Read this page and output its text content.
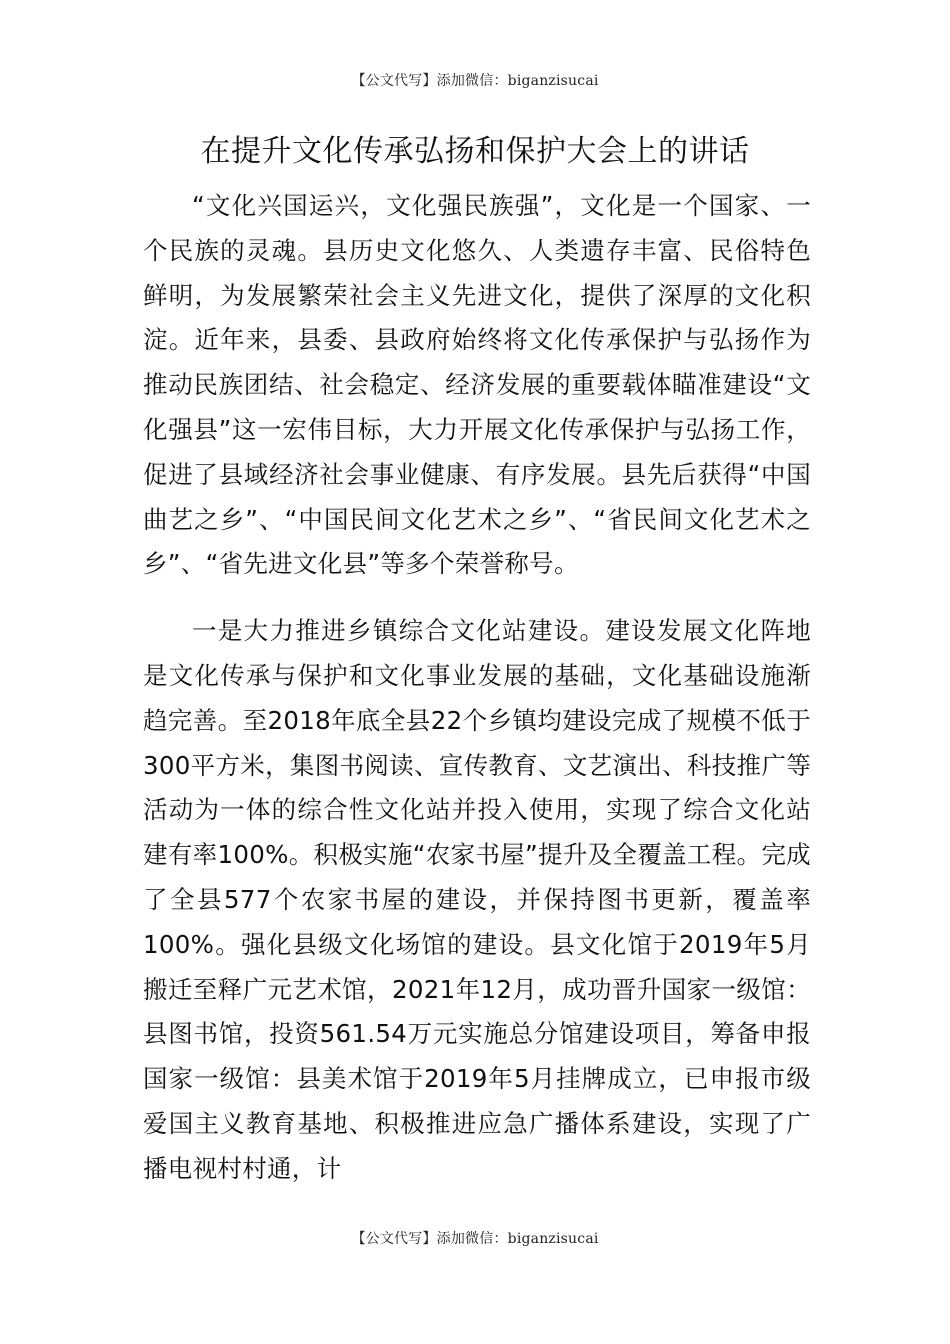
【公文代写】添加微信：biganzisucai
在提升文化传承弘扬和保护大会上的讲话

“文化兴国运兴，文化强民族强”，文化是一个国家、一个民族的灵魂。县历史文化悠久、人类遗存丰富、民俗特色鲜明，为发展繁荣社会主义先进文化，提供了深厚的文化积淀。近年来，县委、县政府始终将文化传承保护与弘扬作为推动民族团结、社会稳定、经济发展的重要载体瞄准建设“文化强县”这一宏伟目标，大力开展文化传承保护与弘扬工作，促进了县域经济社会事业健康、有序发展。县先后获得“中国曲艺之乡”、“中国民间文化艺术之乡”、“省民间文化艺术之乡”、“省先进文化县”等多个荣誉称号。

一是大力推进乡镇综合文化站建设。建设发展文化阵地是文化传承与保护和文化事业发展的基础，文化基础设施渐趋完善。至2018年底全县22个乡镇均建设完成了规模不低于300平方米，集图书阅读、宣传教育、文艺演出、科技推广等活动为一体的综合性文化站并投入使用，实现了综合文化站建有率100%。积极实施“农家书屋”提升及全覆盖工程。完成了全县577个农家书屋的建设，并保持图书更新，覆盖率100%。强化县级文化场馆的建设。县文化馆于2019年5月搬迁至释广元艺术馆，2021年12月，成功晋升国家一级馆：县图书馆，投资561.54万元实施总分馆建设项目，筹备申报国家一级馆：县美术馆于2019年5月挂牌成立，已申报市级爱国主义教育基地、积极推进应急广播体系建设，实现了广播电视村村通，计

【公文代写】添加微信：biganzisucai
